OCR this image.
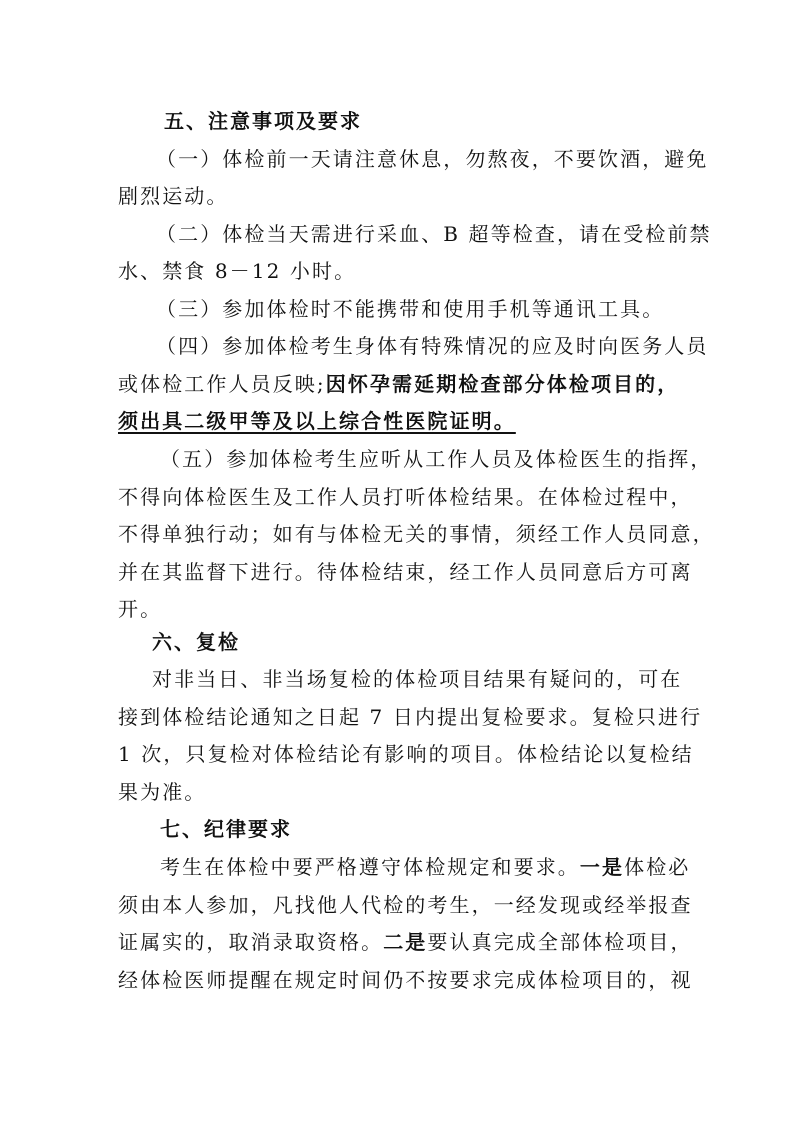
五、注意事项及要求
（一）体检前一天请注意休息，勿熬夜，不要饮酒，避免
剧烈运动。
（二）体检当天需进行采血、B 超等检查，请在受检前禁
水、禁食 8－12 小时。
（三）参加体检时不能携带和使用手机等通讯工具。
（四）参加体检考生身体有特殊情况的应及时向医务人员
或体检工作人员反映;因怀孕需延期检查部分体检项目的，
须出具二级甲等及以上综合性医院证明。
（五）参加体检考生应听从工作人员及体检医生的指挥，
不得向体检医生及工作人员打听体检结果。在体检过程中，
不得单独行动；如有与体检无关的事情，须经工作人员同意，
并在其监督下进行。待体检结束，经工作人员同意后方可离
开。
六、复检
对非当日、非当场复检的体检项目结果有疑问的，可在
接到体检结论通知之日起 7 日内提出复检要求。复检只进行
1 次，只复检对体检结论有影响的项目。体检结论以复检结
果为准。
七、纪律要求
考生在体检中要严格遵守体检规定和要求。一是体检必
须由本人参加，凡找他人代检的考生，一经发现或经举报查
证属实的，取消录取资格。二是要认真完成全部体检项目，
经体检医师提醒在规定时间仍不按要求完成体检项目的，视
